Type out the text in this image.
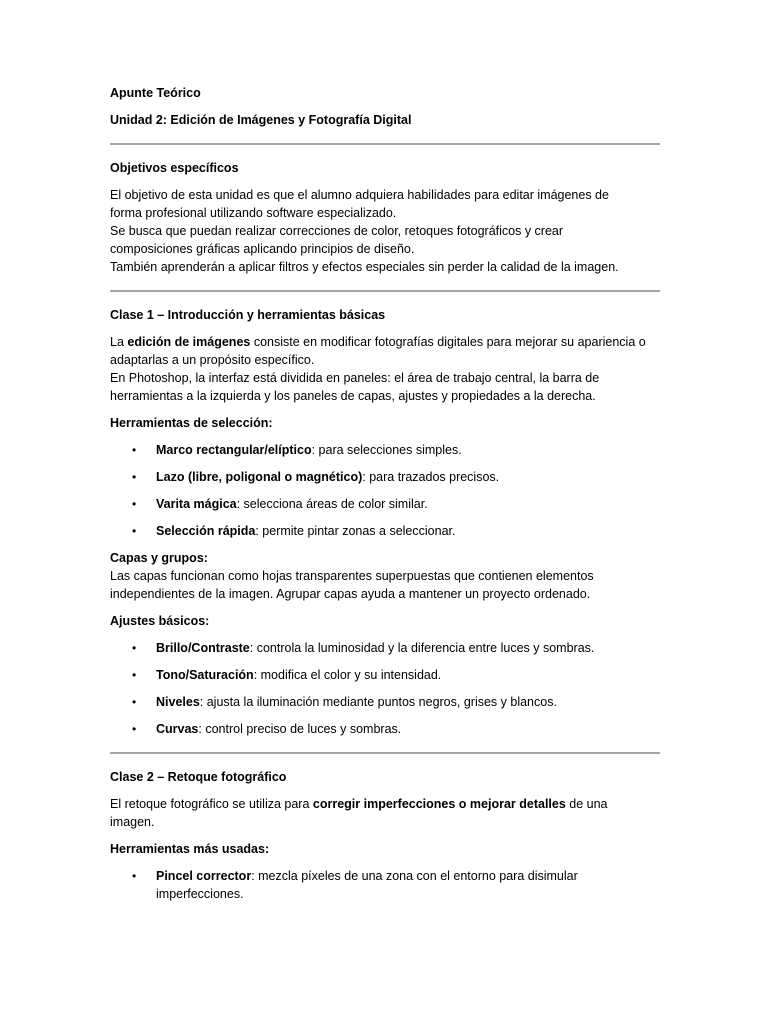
Apunte Teórico

Unidad 2: Edición de Imágenes y Fotografía Digital

Objetivos específicos

El objetivo de esta unidad es que el alumno adquiera habilidades para editar imágenes de
forma profesional utilizando software especializado.
Se busca que puedan realizar correcciones de color, retoques fotográficos y crear
composiciones gráficas aplicando principios de diseño.
También aprenderán a aplicar filtros y efectos especiales sin perder la calidad de la imagen.

Clase 1 – Introducción y herramientas básicas

La edición de imágenes consiste en modificar fotografías digitales para mejorar su apariencia o
adaptarlas a un propósito específico.
En Photoshop, la interfaz está dividida en paneles: el área de trabajo central, la barra de
herramientas a la izquierda y los paneles de capas, ajustes y propiedades a la derecha.

Herramientas de selección:

• Marco rectangular/elíptico: para selecciones simples.
• Lazo (libre, poligonal o magnético): para trazados precisos.
• Varita mágica: selecciona áreas de color similar.
• Selección rápida: permite pintar zonas a seleccionar.

Capas y grupos:

Las capas funcionan como hojas transparentes superpuestas que contienen elementos
independientes de la imagen. Agrupar capas ayuda a mantener un proyecto ordenado.

Ajustes básicos:

• Brillo/Contraste: controla la luminosidad y la diferencia entre luces y sombras.
• Tono/Saturación: modifica el color y su intensidad.
• Niveles: ajusta la iluminación mediante puntos negros, grises y blancos.
• Curvas: control preciso de luces y sombras.

Clase 2 – Retoque fotográfico

El retoque fotográfico se utiliza para corregir imperfecciones o mejorar detalles de una
imagen.

Herramientas más usadas:

• Pincel corrector: mezcla píxeles de una zona con el entorno para disimular
imperfecciones.
